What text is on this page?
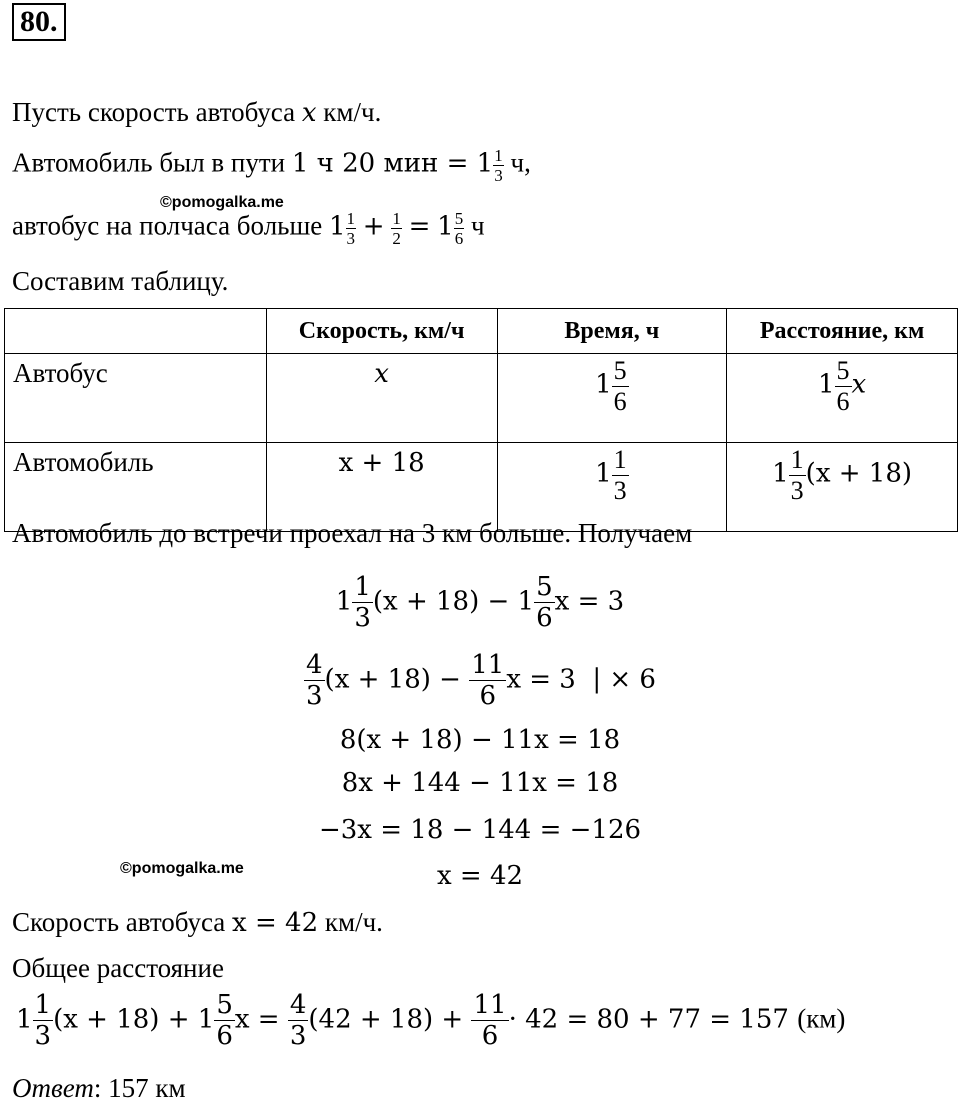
80.
Пусть скорость автобуса x км/ч.
Автомобиль был в пути 1 ч 20 мин = $1 \frac{1}{3} ч$,
©pomogalka.me
автобус на полчаса больше $1 \frac{1}{3} + \frac{1}{2} = 1 \frac{5}{6}$ ч
Составим таблицу.
	Скорость, км/ч	Время, ч	Расстояние, км
Автобус	x	$1 \frac{5}{6}$	$1 \frac{5}{6}$ x
Автомобиль	x + 18	$1 \frac{1}{3}$	$1 \frac{1}{3} (x + 18)$
Автомобиль до встречи проехал на 3 км больше. Получаем
$1 \frac{1}{3} (x + 18) - 1 \frac{5}{6}$ x = 3
$\frac{4}{3} (x + 18) - \frac{11}{6}$ x = 3  | × 6
8(x + 18) − 11x = 18
8x + 144 − 11x = 18
−3x = 18 − 144 = −126
©pomogalka.me	x = 42
Скорость автобуса x = 42 км/ч.
Общее расстояние
$1 \frac{1}{3} (x + 18) + 1 \frac{5}{6}$ $x = \frac{4}{3} (42 + 18) + \frac{11}{6} \cdot 42 = 80 + 77 = 157$ (км)
Ответ: 157 км
